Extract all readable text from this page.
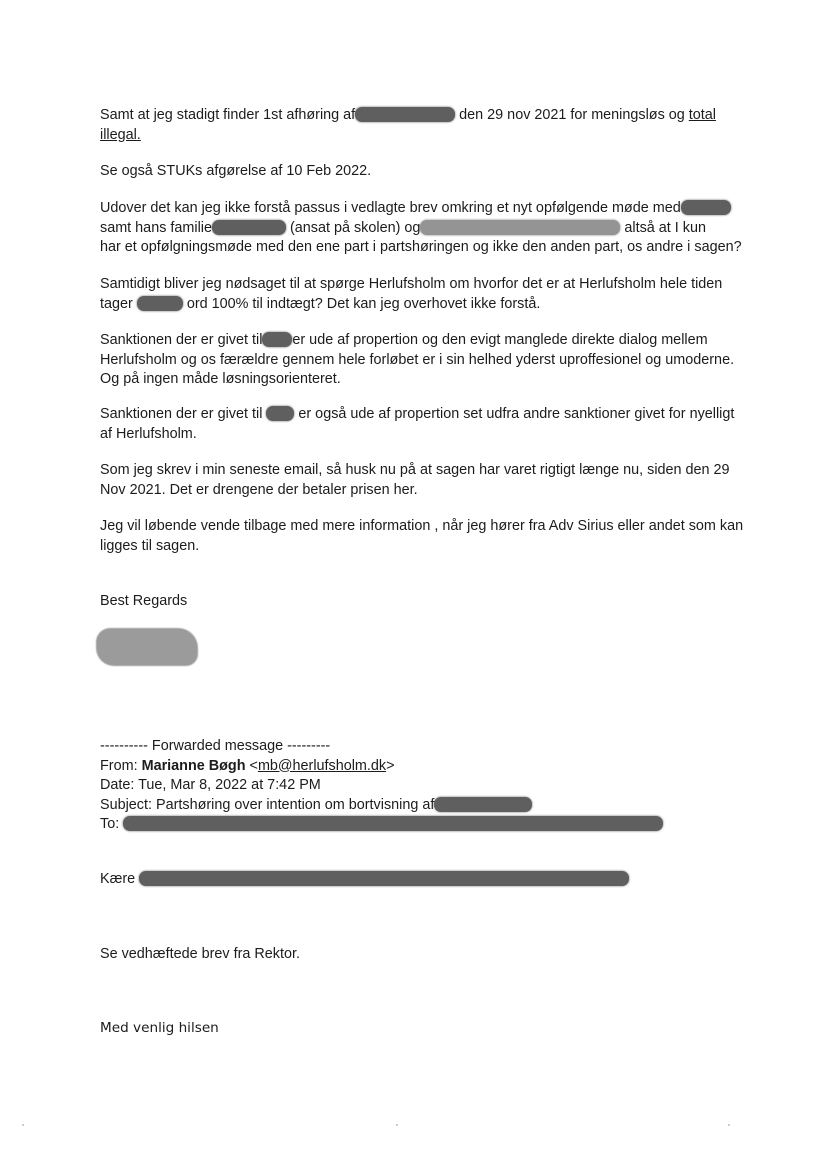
Samt at jeg stadigt finder 1st afhøring af	den 29 nov 2021 for meningsløs og total
illegal.
Se også STUKs afgørelse af 10 Feb 2022.
Udover det kan jeg ikke forstå passus i vedlagte brev omkring et nyt opfølgende møde med
samt hans familie	(ansat på skolen) og	altså at I kun
har et opfølgningsmøde med den ene part i partshøringen og ikke den anden part, os andre i sagen?
Samtidigt bliver jeg nødsaget til at spørge Herlufsholm om hvorfor det er at Herlufsholm hele tiden
tager	ord 100% til indtægt? Det kan jeg overhovet ikke forstå.
Sanktionen der er givet til er ude af propertion og den evigt manglede direkte dialog mellem
Herlufsholm og os færældre gennem hele forløbet er i sin helhed yderst uproffesionel og umoderne.
Og på ingen måde løsningsorienteret.
Sanktionen der er givet til	er også ude af propertion set udfra andre sanktioner givet for nyelligt
af Herlufsholm.
Som jeg skrev i min seneste email, så husk nu på at sagen har varet rigtigt længe nu, siden den 29
Nov 2021. Det er drengene der betaler prisen her.
Jeg vil løbende vende tilbage med mere information , når jeg hører fra Adv Sirius eller andet som kan
ligges til sagen.
Best Regards
---------- Forwarded message ---------
From: Marianne Bøgh <mb@herlufsholm.dk>
Date: Tue, Mar 8, 2022 at 7:42 PM
Subject: Partshøring over intention om bortvisning af
To:
Kære
Se vedhæftede brev fra Rektor.
Med venlig hilsen
